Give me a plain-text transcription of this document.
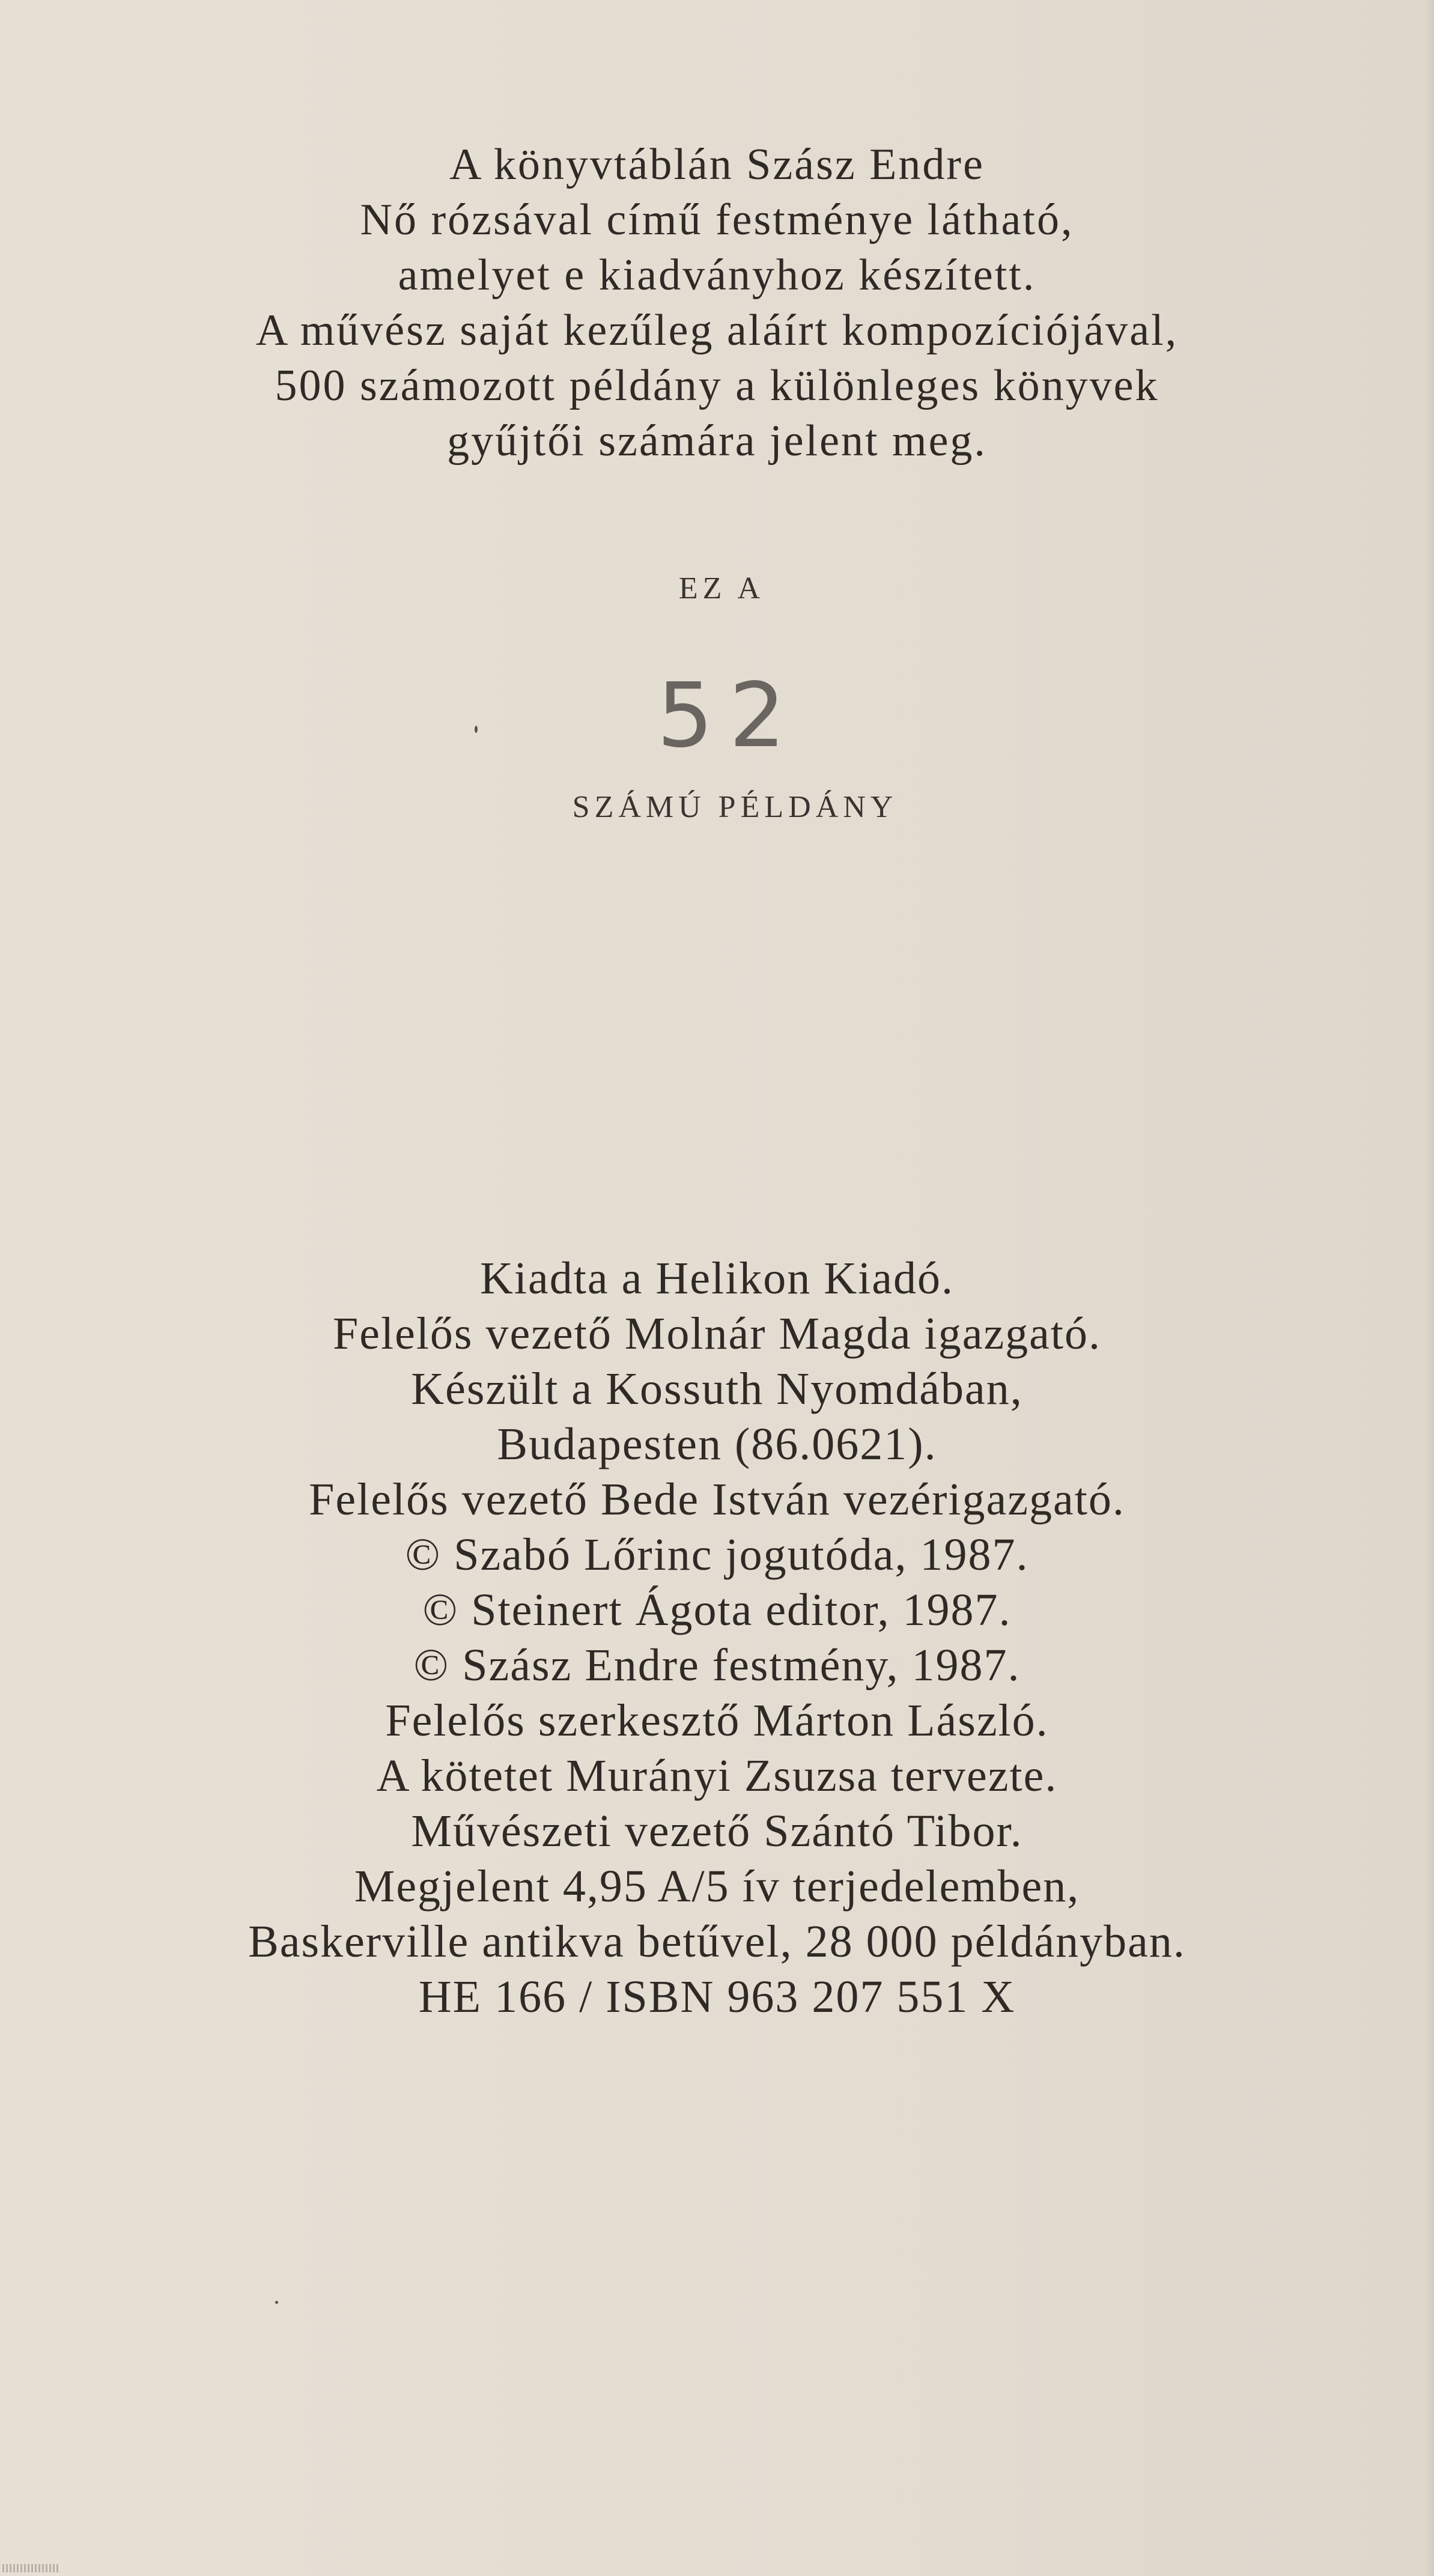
A könyvtáblán Szász Endre
Nő rózsával című festménye látható,
amelyet e kiadványhoz készített.
A művész saját kezűleg aláírt kompozíciójával,
500 számozott példány a különleges könyvek
gyűjtői számára jelent meg.
EZ A
52
SZÁMÚ PÉLDÁNY
Kiadta a Helikon Kiadó.
Felelős vezető Molnár Magda igazgató.
Készült a Kossuth Nyomdában,
Budapesten (86.0621).
Felelős vezető Bede István vezérigazgató.
© Szabó Lőrinc jogutóda, 1987.
© Steinert Ágota editor, 1987.
© Szász Endre festmény, 1987.
Felelős szerkesztő Márton László.
A kötetet Murányi Zsuzsa tervezte.
Művészeti vezető Szántó Tibor.
Megjelent 4,95 A/5 ív terjedelemben,
Baskerville antikva betűvel, 28 000 példányban.
HE 166 / ISBN 963 207 551 X
